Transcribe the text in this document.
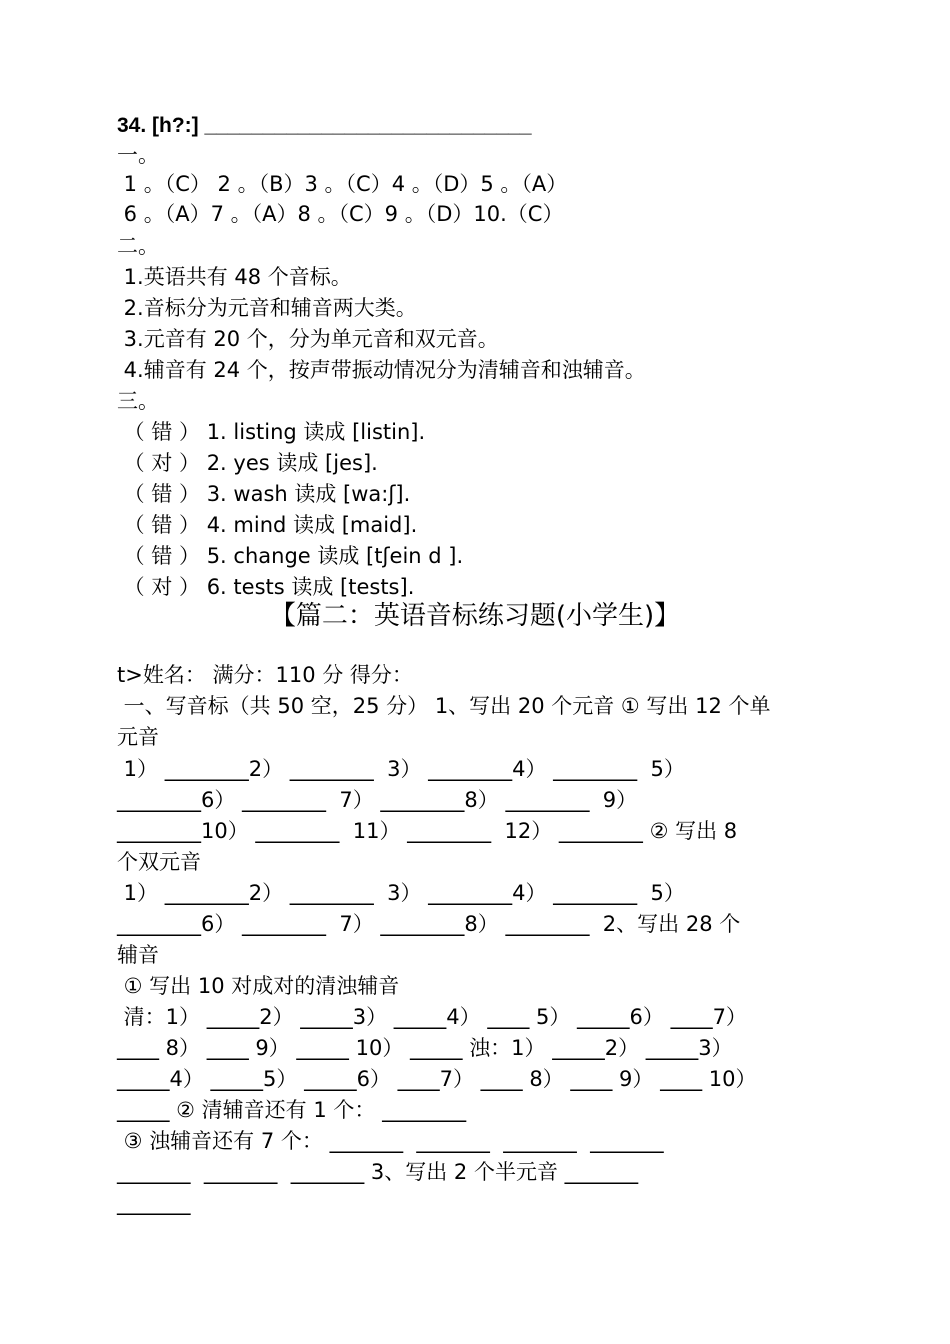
34. [h?:] ____________________________
一。
1 。（C） 2 。（B）3 。（C）4 。（D）5 。（A）
6 。（A）7 。（A）8 。（C）9 。（D）10.（C）
二。
1.英语共有 48 个音标。
2.音标分为元音和辅音两大类。
3.元音有 20 个，分为单元音和双元音。
4.辅音有 24 个，按声带振动情况分为清辅音和浊辅音。
三。
（ 错 ） 1. listing 读成 [listin].
（ 对 ） 2. yes 读成 [jes].
（ 错 ） 3. wash 读成 [wa:ʃ].
（ 错 ） 4. mind 读成 [maid].
（ 错 ） 5. change 读成 [tʃein d ].
（ 对 ） 6. tests 读成 [tests].
【篇二：英语音标练习题(小学生)】
t>姓名： 满分：110 分 得分：
一、写音标（共 50 空，25 分） 1、写出 20 个元音 ① 写出 12 个单
元音
1） ________2） ________  3） ________4） ________  5）
________6） ________  7） ________8） ________  9）
________10） ________  11） ________  12） ________ ② 写出 8
个双元音
1） ________2） ________  3） ________4） ________  5）
________6） ________  7） ________8） ________  2、写出 28 个
辅音
① 写出 10 对成对的清浊辅音
清：1） _____2） _____3） _____4） ____ 5） _____6） ____7）
____ 8） ____ 9） _____ 10） _____ 浊：1） _____2） _____3）
_____4） _____5） _____6） ____7） ____ 8） ____ 9） ____ 10）
_____ ② 清辅音还有 1 个： ________
③ 浊辅音还有 7 个： _______  _______  _______  _______
_______  _______  _______ 3、写出 2 个半元音 _______
_______
